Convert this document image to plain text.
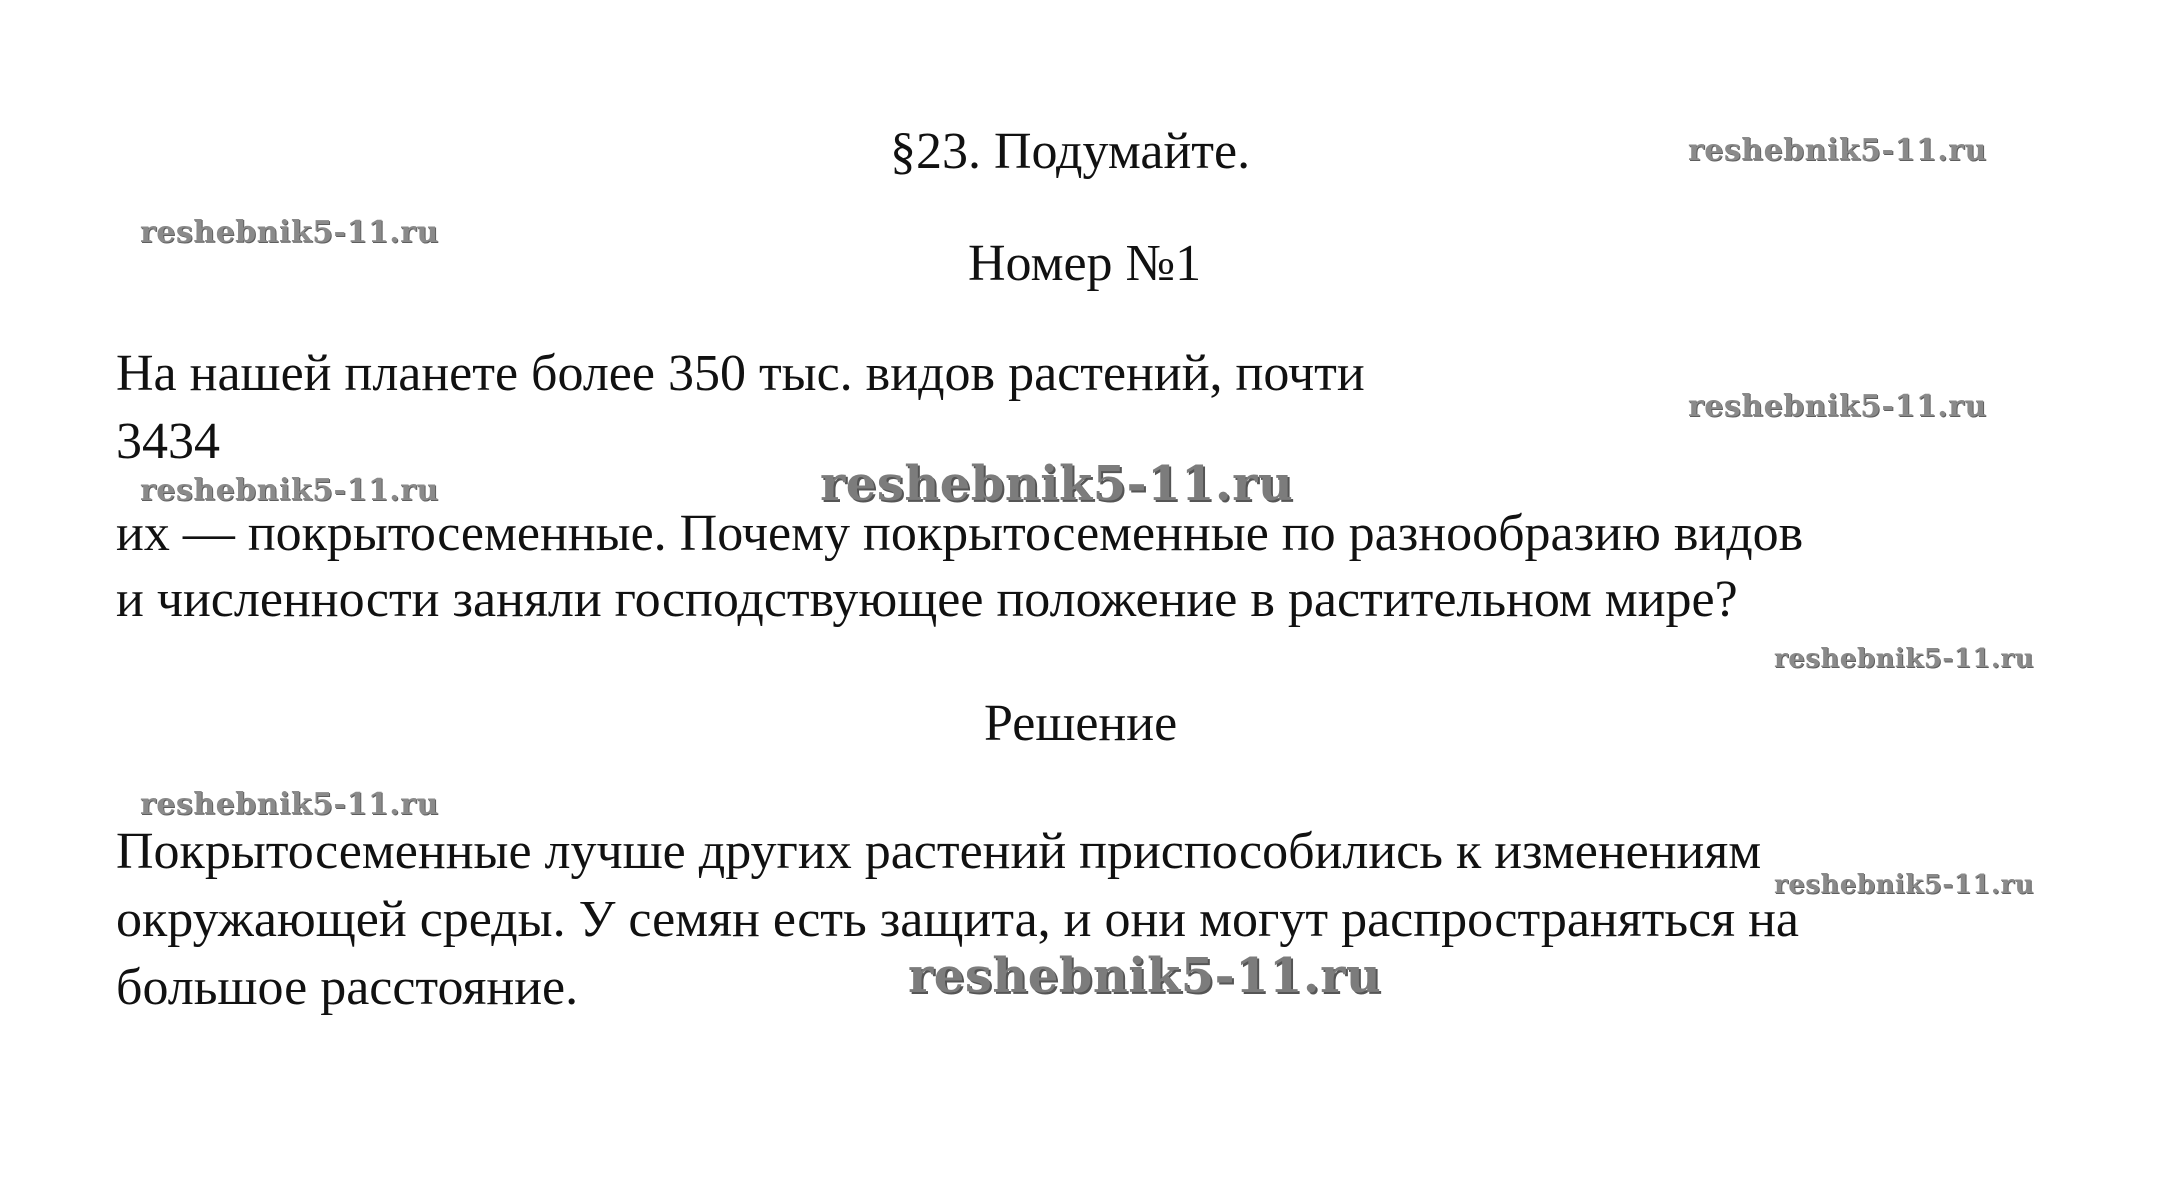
§23. Подумайте.
Номер №1
На нашей планете более 350 тыс. видов растений, почти
3434
их — покрытосеменные. Почему покрытосеменные по разнообразию видов
и численности заняли господствующее положение в растительном мире?
Решение
Покрытосеменные лучше других растений приспособились к изменениям
окружающей среды. У семян есть защита, и они могут распространяться на
большое расстояние.
reshebnik5-11.ru
reshebnik5-11.ru
reshebnik5-11.ru
reshebnik5-11.ru	reshebnik5-11.ru
reshebnik5-11.ru
reshebnik5-11.ru
reshebnik5-11.ru
reshebnik5-11.ru
